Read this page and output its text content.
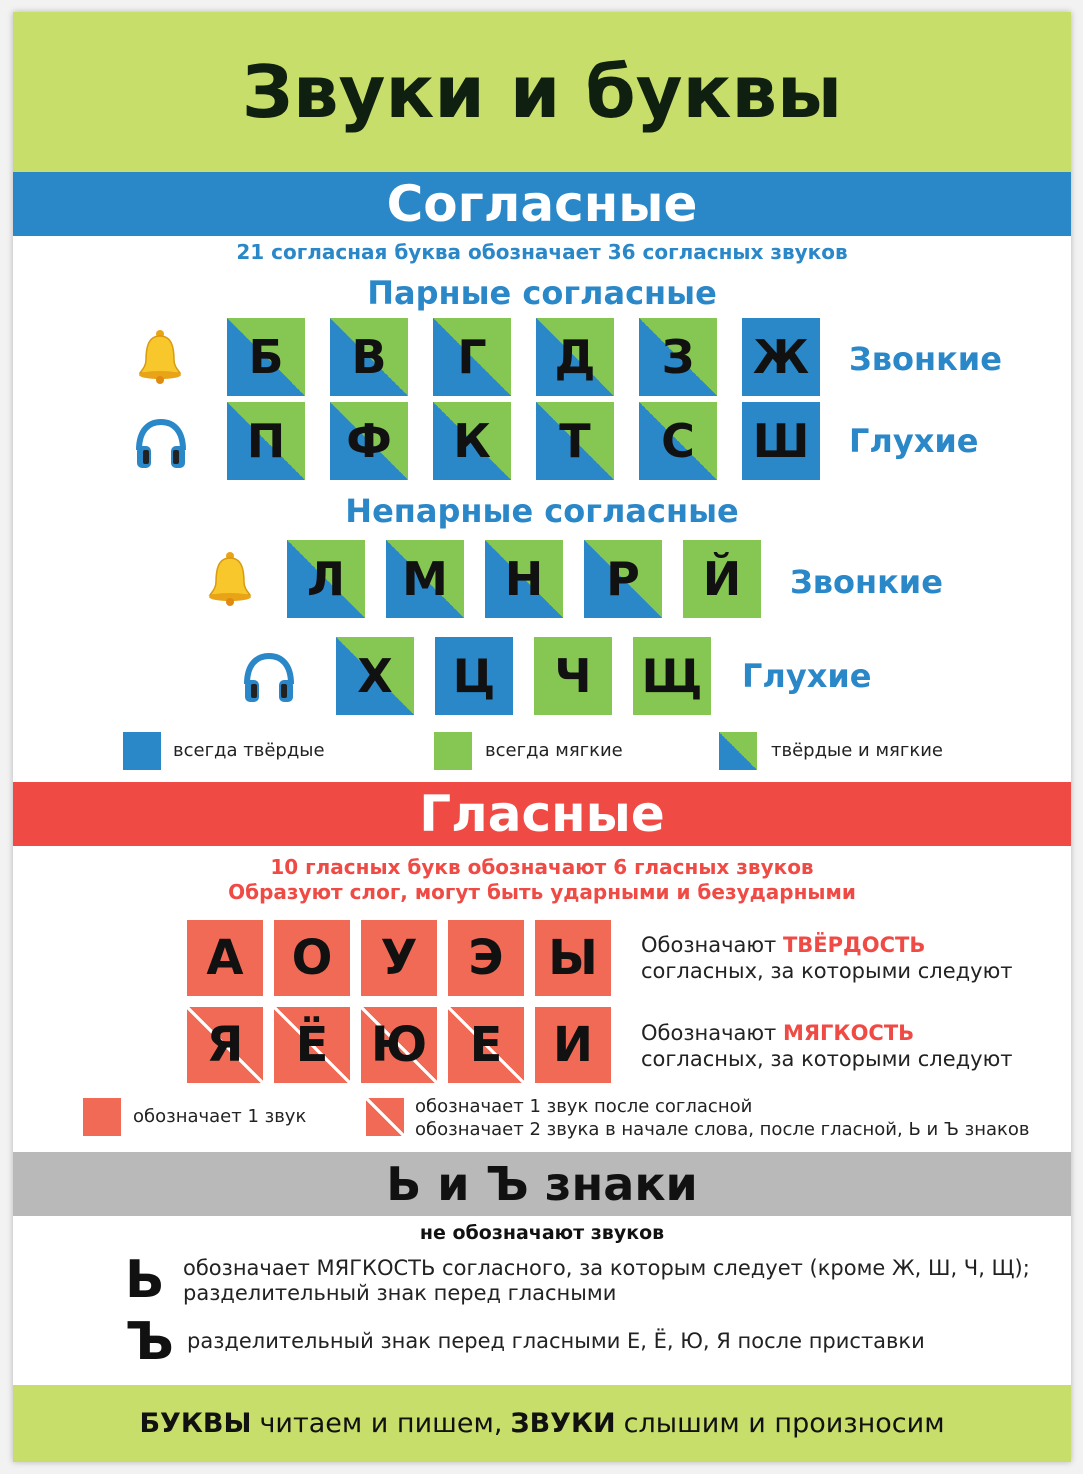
Звуки и буквы
Согласные
21 согласная буква обозначает 36 согласных звуков
Парные согласные
Б	В	Г	Д	З	Ж	Звонкие
П	Ф	К	Т	С	Ш	Глухие
Непарные согласные
Л	М	Н	Р	Й	Звонкие
Х	Ц	Ч	Щ Глухие
всегда твёрдые	всегда мягкие	твёрдые и мягкие
Гласные
10 гласных букв обозначают 6 гласных звуков
Образуют слог, могут быть ударными и безударными
А	О	У	Э Ы	Обозначают ТВЁРДОСТЬ
согласных, за которыми следуют
Я	Ё Ю Е	И	Обозначают МЯГКОСТЬ
согласных, за которыми следуют
обозначает 1 звук	обозначает 1 звук после согласной
обозначает 2 звука в начале слова, после гласной, Ь и Ъ знаков
Ь и Ъ знаки
не обозначают звуков
Ь обозначает МЯГКОСТЬ согласного, за которым следует (кроме Ж, Ш, Ч, Щ);
разделительный знак перед гласными
Ъ разделительный знак перед гласными Е, Ё, Ю, Я после приставки
БУКВЫ читаем и пишем, ЗВУКИ слышим и произносим
